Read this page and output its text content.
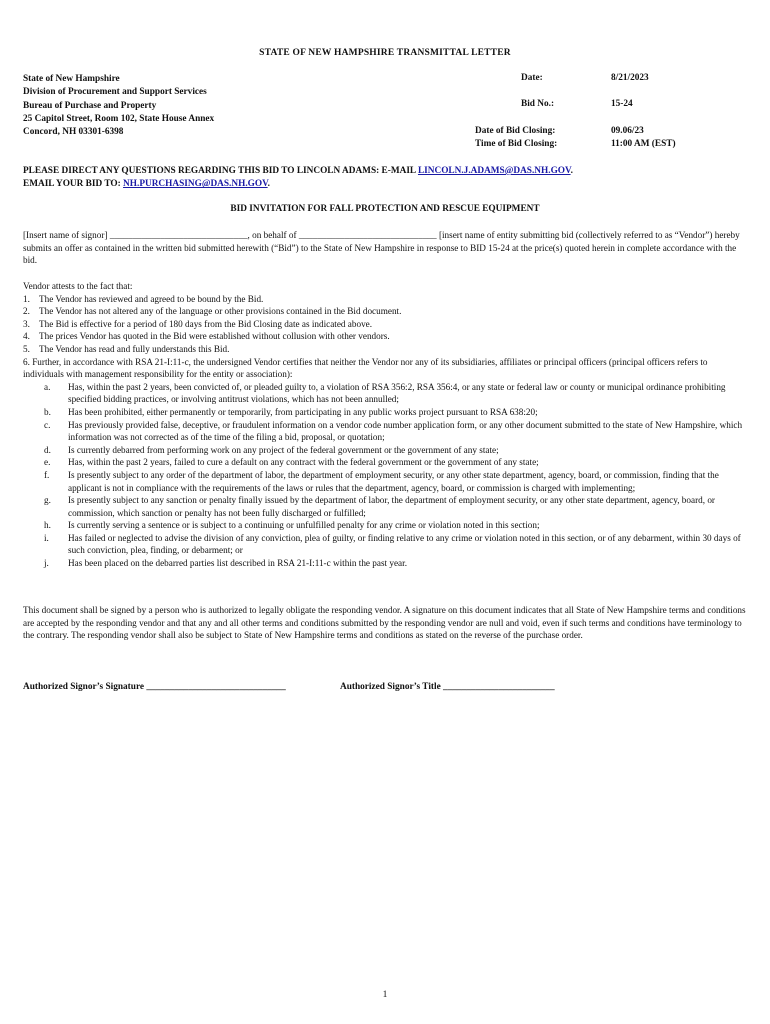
STATE OF NEW HAMPSHIRE TRANSMITTAL LETTER
State of New Hampshire
Division of Procurement and Support Services
Bureau of Purchase and Property
25 Capitol Street, Room 102, State House Annex
Concord, NH 03301-6398
Date:	8/21/2023
Bid No.:	15-24
Date of Bid Closing:	09.06/23
Time of Bid Closing:	11:00 AM (EST)
PLEASE DIRECT ANY QUESTIONS REGARDING THIS BID TO LINCOLN ADAMS: E-MAIL LINCOLN.J.ADAMS@DAS.NH.GOV.
EMAIL YOUR BID TO: NH.PURCHASING@DAS.NH.GOV.
BID INVITATION FOR FALL PROTECTION AND RESCUE EQUIPMENT

[Insert name of signor] ______________________________, on behalf of ______________________________ [insert name of entity submitting bid (collectively referred to as “Vendor”) hereby submits an offer as contained in the written bid submitted herewith (“Bid”) to the State of New Hampshire in response to BID 15-24 at the price(s) quoted herein in complete accordance with the bid.

Vendor attests to the fact that:

1. The Vendor has reviewed and agreed to be bound by the Bid.
2. The Vendor has not altered any of the language or other provisions contained in the Bid document.
3. The Bid is effective for a period of 180 days from the Bid Closing date as indicated above.
4. The prices Vendor has quoted in the Bid were established without collusion with other vendors.
5. The Vendor has read and fully understands this Bid.

6. Further, in accordance with RSA 21-I:11-c, the undersigned Vendor certifies that neither the Vendor nor any of its subsidiaries, affiliates or principal officers (principal officers refers to individuals with management responsibility for the entity or association):

a.	Has, within the past 2 years, been convicted of, or pleaded guilty to, a violation of RSA 356:2, RSA 356:4, or any state or federal law or county or municipal ordinance prohibiting specified bidding practices, or involving antitrust violations, which has not been annulled;
b.	Has been prohibited, either permanently or temporarily, from participating in any public works project pursuant to RSA 638:20;
c.	Has previously provided false, deceptive, or fraudulent information on a vendor code number application form, or any other document submitted to the state of New Hampshire, which information was not corrected as of the time of the filing a bid, proposal, or quotation;
d.	Is currently debarred from performing work on any project of the federal government or the government of any state;
e.	Has, within the past 2 years, failed to cure a default on any contract with the federal government or the government of any state;
f.	Is presently subject to any order of the department of labor, the department of employment security, or any other state department, agency, board, or commission, finding that the applicant is not in compliance with the requirements of the laws or rules that the department, agency, board, or commission is charged with implementing;
g.	Is presently subject to any sanction or penalty finally issued by the department of labor, the department of employment security, or any other state department, agency, board, or commission, which sanction or penalty has not been fully discharged or fulfilled;
h.	Is currently serving a sentence or is subject to a continuing or unfulfilled penalty for any crime or violation noted in this section;
i.	Has failed or neglected to advise the division of any conviction, plea of guilty, or finding relative to any crime or violation noted in this section, or of any debarment, within 30 days of such conviction, plea, finding, or debarment; or
j.	Has been placed on the debarred parties list described in RSA 21-I:11-c within the past year.

This document shall be signed by a person who is authorized to legally obligate the responding vendor. A signature on this document indicates that all State of New Hampshire terms and conditions are accepted by the responding vendor and that any and all other terms and conditions submitted by the responding vendor are null and void, even if such terms and conditions have terminology to the contrary. The responding vendor shall also be subject to State of New Hampshire terms and conditions as stated on the reverse of the purchase order.

Authorized Signor’s Signature ______________________________	Authorized Signor’s Title ________________________
1
